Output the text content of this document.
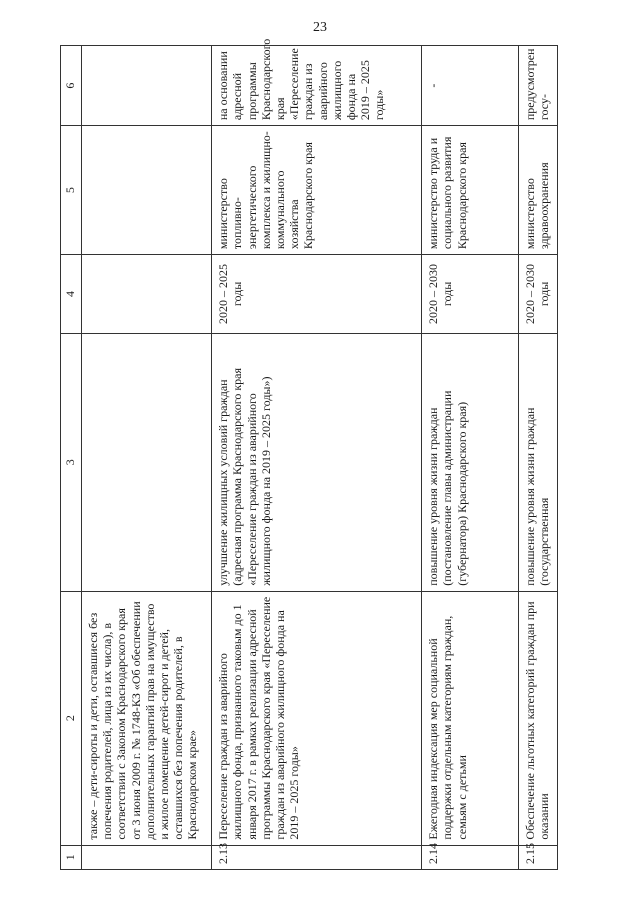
23
1	2	3	4	5	6
	также – дети-сироты и дети, оставшиеся без попечения родителей, лица из их числа), в соответствии с Законом Краснодарского края от 3 июня 2009 г. № 1748-КЗ «Об обеспечении дополнительных гарантий прав на имущество и жилое помещение детей-сирот и детей, оставшихся без попечения родителей, в Краснодарском крае»				
2.13	Переселение граждан из аварийного жилищного фонда, признанного таковым до 1 января 2017 г. в рамках реализации адресной программы Краснодарского края «Переселение граждан из аварийного жилищного фонда на 2019 – 2025 годы»	улучшение жилищных условий граждан (адресная программа Краснодарского края «Переселение граждан из аварийного жилищного фонда на 2019 – 2025 годы»)	2020 – 2025 годы	министерство топливно-энергетического комплекса и жилищно-коммунального хозяйства Краснодарского края	на основании адресной программы Краснодарского края «Переселение граждан из аварийного жилищного фонда на 2019 – 2025 годы»
2.14	Ежегодная индексация мер социальной поддержки отдельным категориям граждан, семьям с детьми	повышение уровня жизни граждан (постановление главы администрации (губернатора) Краснодарского края)	2020 – 2030 годы	министерство труда и социального развития Краснодарского края	-
2.15	Обеспечение льготных категорий граждан при оказании	повышение уровня жизни граждан (государственная	2020 – 2030 годы	министерство здравоохранения	предусмотрен госу-
